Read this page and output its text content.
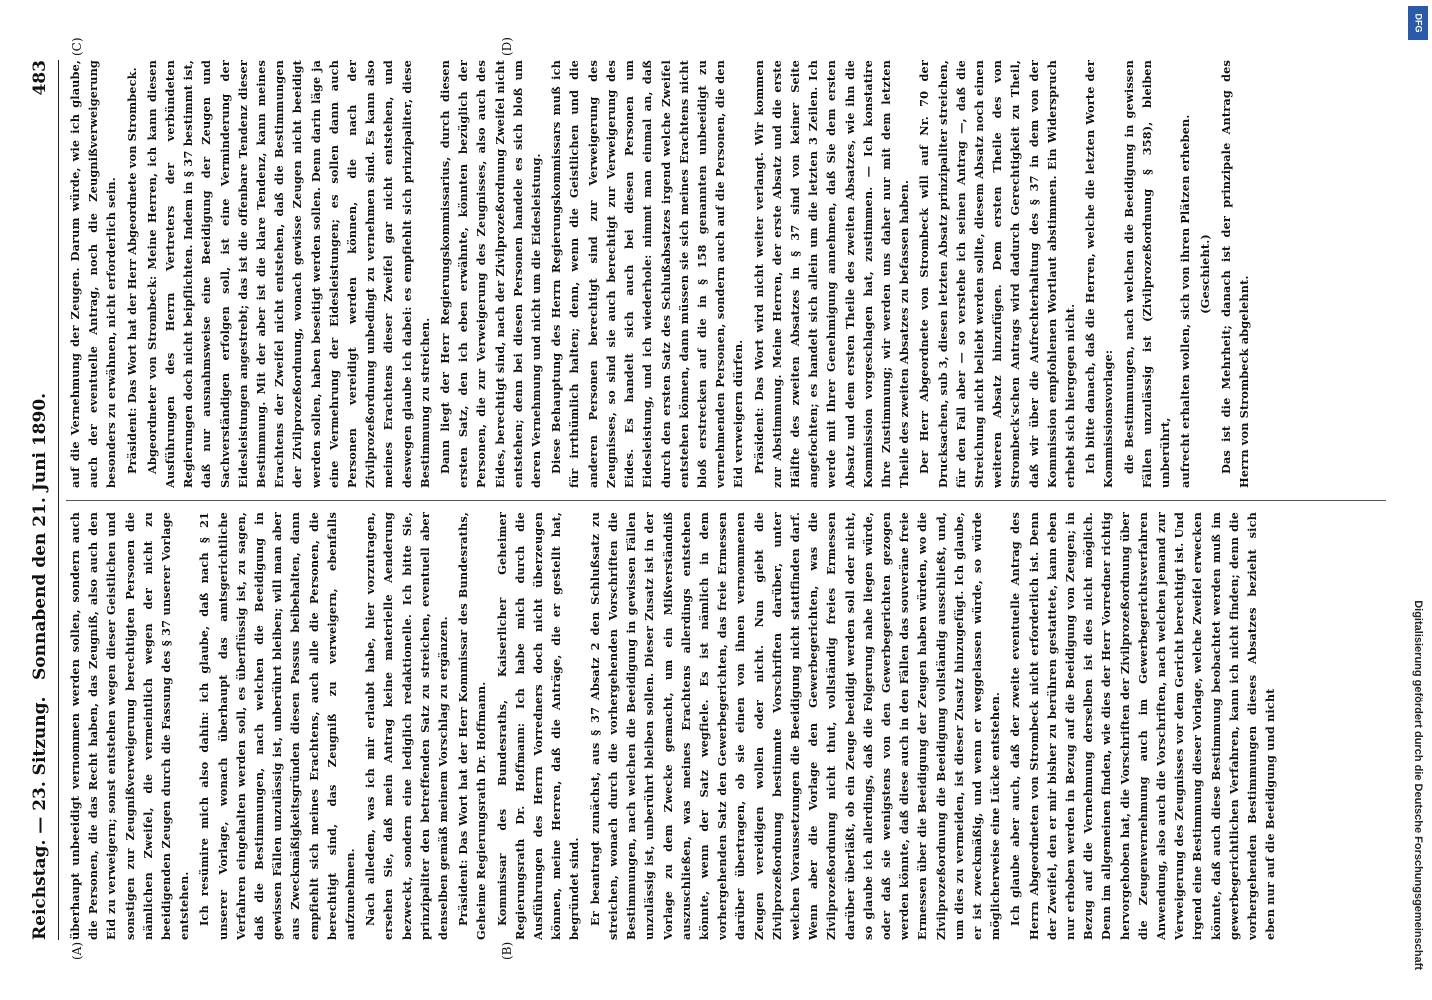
Reichstag. — 23. Sitzung.
Sonnabend den 21. Juni 1890.
483
(A)	(B)
(C)	(D)

überhaupt unbeeidigt vernommen werden sollen, sondern auch die Personen, die das Recht haben, das Zeugniß, also auch den Eid zu verweigern; sonst entstehen wegen dieser Geistlichen und sonstigen zur Zeugnißverweigerung berechtigten Personen die nämlichen Zweifel, die vermeintlich wegen der nicht zu beeidigenden Zeugen durch die Fassung des § 37 unserer Vorlage entstehen. Ich resümire mich also dahin: ich glaube, daß nach § 21 unserer Vorlage, wonach überhaupt das amtsgerichtliche Verfahren eingehalten werden soll, es überflüssig ist, zu sagen, daß die Bestimmungen, nach welchen die Beeidigung in gewissen Fällen unzulässig ist, unberührt bleiben; will man aber aus Zweckmäßigkeitsgründen diesen Passus beibehalten, dann empfiehlt sich meines Erachtens, auch alle die Personen, die berechtigt sind, das Zeugniß zu verweigern, ebenfalls aufzunehmen. Nach alledem, was ich mir erlaubt habe, hier vorzutragen, ersehen Sie, daß mein Antrag keine materielle Aenderung bezweckt, sondern eine lediglich redaktionelle. Ich bitte Sie, prinzipaliter den betreffenden Satz zu streichen, eventuell aber denselben gemäß meinem Vorschlag zu ergänzen. Präsident: Das Wort hat der Herr Kommissar des Bundesraths, Geheime Regierungsrath Dr. Hoffmann. Kommissar des Bundesraths, Kaiserlicher Geheimer Regierungsrath Dr. Hoffmann: Ich habe mich durch die Ausführungen des Herrn Vorredners doch nicht überzeugen können, meine Herren, daß die Anträge, die er gestellt hat, begründet sind. Er beantragt zunächst, aus § 37 Absatz 2 den Schlußsatz zu streichen, wonach durch die vorhergehenden Vorschriften die Bestimmungen, nach welchen die Beeidigung in gewissen Fällen unzulässig ist, unberührt bleiben sollen. Dieser Zusatz ist in der Vorlage zu dem Zwecke gemacht, um ein Mißverständniß auszuschließen, was meines Erachtens allerdings entstehen könnte, wenn der Satz wegfiele. Es ist nämlich in dem vorhergehenden Satz den Gewerbegerichten, das freie Ermessen darüber übertragen, ob sie einen von ihnen vernommenen Zeugen vereidigen wollen oder nicht. Nun giebt die Zivilprozeßordnung bestimmte Vorschriften darüber, unter welchen Voraussetzungen die Beeidigung nicht stattfinden darf. Wenn aber die Vorlage den Gewerbegerichten, was die Zivilprozeßordnung nicht thut, vollständig freies Ermessen darüber überläßt, ob ein Zeuge beeidigt werden soll oder nicht, so glaube ich allerdings, daß die Folgerung nahe liegen würde, oder daß sie wenigstens von den Gewerbegerichten gezogen werden könnte, daß diese auch in den Fällen das souveräne freie Ermessen über die Beeidigung der Zeugen haben würden, wo die Zivilprozeßordnung die Beeidigung vollständig ausschließt, und, um dies zu vermeiden, ist dieser Zusatz hinzugefügt. Ich glaube, er ist zweckmäßig, und wenn er weggelassen würde, so würde möglicherweise eine Lücke entstehen. Ich glaube aber auch, daß der zweite eventuelle Antrag des Herrn Abgeordneten von Strombeck nicht erforderlich ist. Denn der Zweifel, den er mir bisher zu berühren gestattete, kann eben nur erhoben werden in Bezug auf die Beeidigung von Zeugen; in Bezug auf die Vernehmung derselben ist dies nicht möglich. Denn im allgemeinen finden, wie dies der Herr Vorredner richtig hervorgehoben hat, die Vorschriften der Zivilprozeßordnung über die Zeugenvernehmung auch im Gewerbegerichtsverfahren Anwendung, also auch die Vorschriften, nach welchen jemand zur Verweigerung des Zeugnisses vor dem Gericht berechtigt ist. Und irgend eine Bestimmung dieser Vorlage, welche Zweifel erwecken könnte, daß auch diese Bestimmung beobachtet werden muß im gewerbegerichtlichen Verfahren, kann ich nicht finden; denn die vorhergehenden Bestimmungen dieses Absatzes bezieht sich eben nur auf die Beeidigung und nicht

auf die Vernehmung der Zeugen. Darum würde, wie ich glaube, auch der eventuelle Antrag, noch die Zeugnißverweigerung besonders zu erwähnen, nicht erforderlich sein. Präsident: Das Wort hat der Herr Abgeordnete von Strombeck. Abgeordneter von Strombeck: Meine Herren, ich kann diesen Ausführungen des Herrn Vertreters der verbündeten Regierungen doch nicht beipflichten. Indem in § 37 bestimmt ist, daß nur ausnahmsweise eine Beeidigung der Zeugen und Sachverständigen erfolgen soll, ist eine Verminderung der Eidesleistungen angestrebt; das ist die offenbare Tendenz dieser Bestimmung. Mit der aber ist die klare Tendenz, kann meines Erachtens der Zweifel nicht entstehen, daß die Bestimmungen der Zivilprozeßordnung, wonach gewisse Zeugen nicht beeidigt werden sollen, haben beseitigt werden sollen. Denn darin läge ja eine Vermehrung der Eidesleistungen; es sollen dann auch Personen vereidigt werden können, die nach der Zivilprozeßordnung unbedingt zu vernehmen sind. Es kann also meines Erachtens dieser Zweifel gar nicht entstehen, und deswegen glaube ich dabei: es empfiehlt sich prinzipaliter, diese Bestimmung zu streichen. Dann liegt der Herr Regierungskommissarius, durch diesen ersten Satz, den ich eben erwähnte, könnten bezüglich der Personen, die zur Verweigerung des Zeugnisses, also auch des Eides, berechtigt sind, nach der Zivilprozeßordnung Zweifel nicht entstehen; denn bei diesen Personen handele es sich bloß um deren Vernehmung und nicht um die Eidesleistung. Diese Behauptung des Herrn Regierungskommissars muß ich für irrthümlich halten; denn, wenn die Geistlichen und die anderen Personen berechtigt sind zur Verweigerung des Zeugnisses, so sind sie auch berechtigt zur Verweigerung des Eides. Es handelt sich auch bei diesen Personen um Eidesleistung, und ich wiederhole: nimmt man einmal an, daß durch den ersten Satz des Schlußabsatzes irgend welche Zweifel entstehen können, dann müssen sie sich meines Erachtens nicht bloß erstrecken auf die in § 158 genannten unbeeidigt zu vernehmenden Personen, sondern auch auf die Personen, die den Eid verweigern dürfen. Präsident: Das Wort wird nicht weiter verlangt. Wir kommen zur Abstimmung. Meine Herren, der erste Absatz und die erste Hälfte des zweiten Absatzes in § 37 sind von keiner Seite angefochten; es handelt sich allein um die letzten 3 Zeilen. Ich werde mit Ihrer Genehmigung annehmen, daß Sie dem ersten Absatz und dem ersten Theile des zweiten Absatzes, wie ihn die Kommission vorgeschlagen hat, zustimmen. — Ich konstatire Ihre Zustimmung; wir werden uns daher nur mit dem letzten Theile des zweiten Absatzes zu befassen haben. Der Herr Abgeordnete von Strombeck will auf Nr. 70 der Drucksachen, sub 3, diesen letzten Absatz prinzipaliter streichen, für den Fall aber — so verstehe ich seinen Antrag —, daß die Streichung nicht beliebt werden sollte, diesem Absatz noch einen weiteren Absatz hinzufügen. Dem ersten Theile des von Strombeck'schen Antrags wird dadurch Gerechtigkeit zu Theil, daß wir über die Aufrechterhaltung des § 37 in dem von der Kommission empfohlenen Wortlaut abstimmen. Ein Widerspruch erhebt sich hiergegen nicht. Ich bitte danach, daß die Herren, welche die letzten Worte der Kommissionsvorlage: die Bestimmungen, nach welchen die Beeidigung in gewissen Fällen unzulässig ist (Zivilprozeßordnung § 358), bleiben unberührt, aufrecht erhalten wollen, sich von ihren Plätzen erheben. (Geschieht.) Das ist die Mehrheit; danach ist der prinzipale Antrag des Herrn von Strombeck abgelehnt.

DFG
Digitalisierung gefördert durch die Deutsche Forschungsgemeinschaft
